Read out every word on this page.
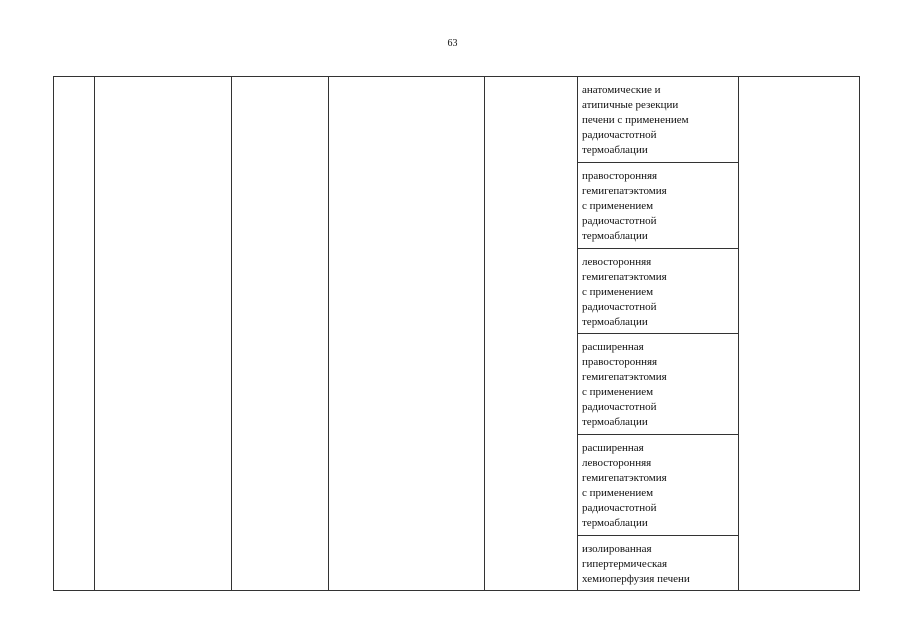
63
анатомические и
атипичные резекции
печени с применением
радиочастотной
термоаблации
правосторонняя
гемигепатэктомия
с применением
радиочастотной
термоаблации
левосторонняя
гемигепатэктомия
с применением
радиочастотной
термоаблации
расширенная
правосторонняя
гемигепатэктомия
с применением
радиочастотной
термоаблации
расширенная
левосторонняя
гемигепатэктомия
с применением
радиочастотной
термоаблации
изолированная
гипертермическая
хемиоперфузия печени
